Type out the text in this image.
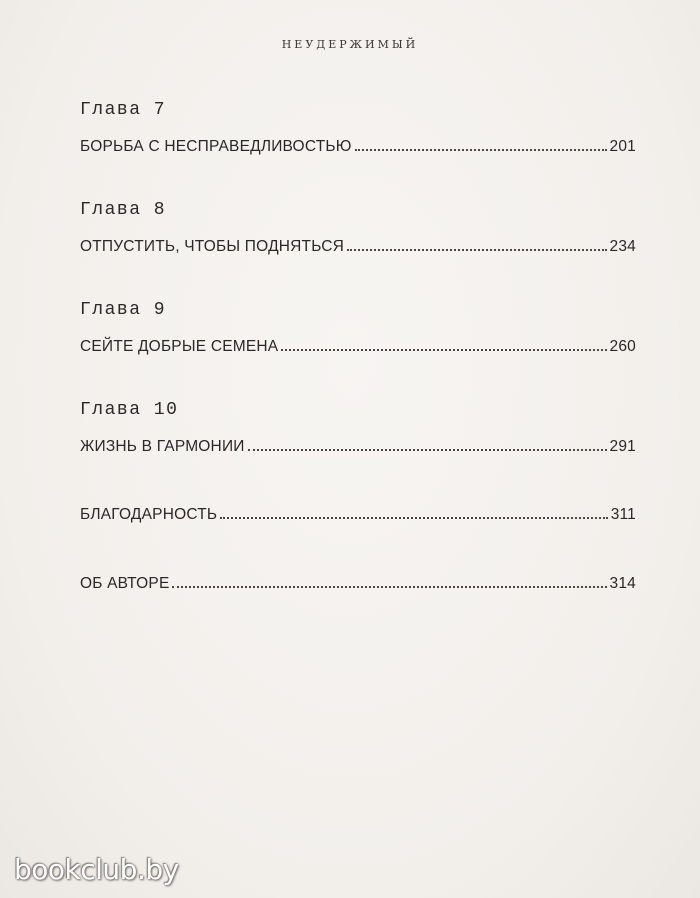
НЕУДЕРЖИМЫЙ
Глава 7
БОРЬБА С НЕСПРАВЕДЛИВОСТЬЮ	201
Глава 8
ОТПУСТИТЬ, ЧТОБЫ ПОДНЯТЬСЯ	234
Глава 9
СЕЙТЕ ДОБРЫЕ СЕМЕНА	260
Глава 10
ЖИЗНЬ В ГАРМОНИИ	291
БЛАГОДАРНОСТЬ	311
ОБ АВТОРЕ	314
bookclub.by
